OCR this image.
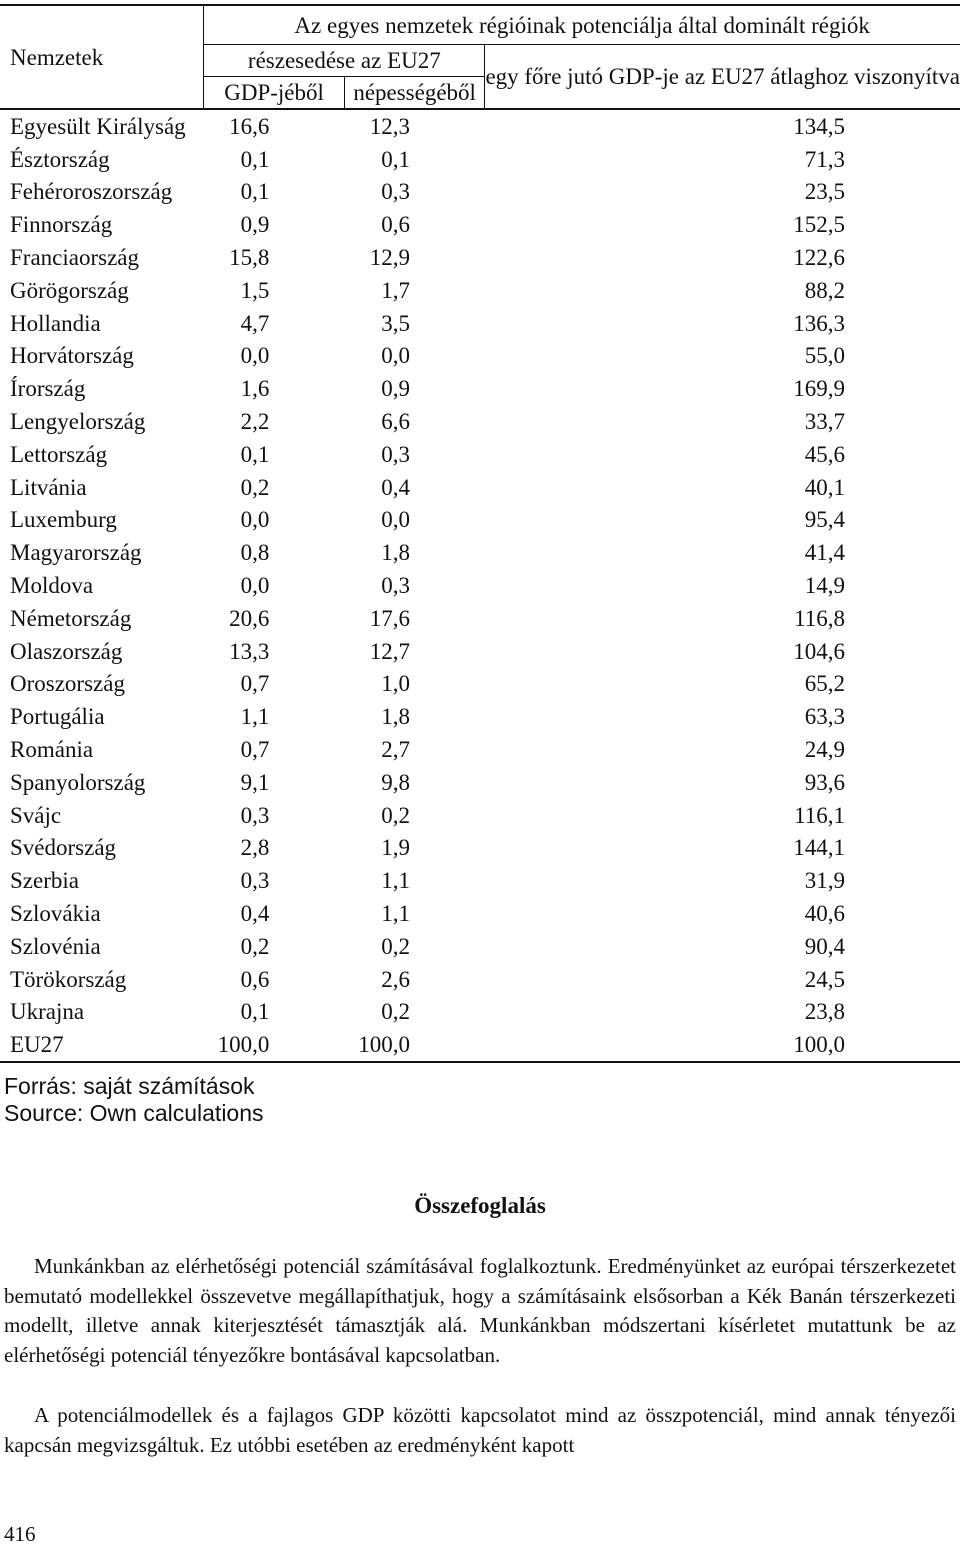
Nemzetek	Az egyes nemzetek régióinak potenciálja által dominált régiók		
	részesedése az EU27		egy főre jutó GDP-je az EU27 átlaghoz viszonyítva
	GDP-jéből	népességéből	
Egyesült Királyság	16,6	12,3	134,5
Észtország	0,1	0,1	71,3
Fehéroroszország	0,1	0,3	23,5
Finnország	0,9	0,6	152,5
Franciaország	15,8	12,9	122,6
Görögország	1,5	1,7	88,2
Hollandia	4,7	3,5	136,3
Horvátország	0,0	0,0	55,0
Írország	1,6	0,9	169,9
Lengyelország	2,2	6,6	33,7
Lettország	0,1	0,3	45,6
Litvánia	0,2	0,4	40,1
Luxemburg	0,0	0,0	95,4
Magyarország	0,8	1,8	41,4
Moldova	0,0	0,3	14,9
Németország	20,6	17,6	116,8
Olaszország	13,3	12,7	104,6
Oroszország	0,7	1,0	65,2
Portugália	1,1	1,8	63,3
Románia	0,7	2,7	24,9
Spanyolország	9,1	9,8	93,6
Svájc	0,3	0,2	116,1
Svédország	2,8	1,9	144,1
Szerbia	0,3	1,1	31,9
Szlovákia	0,4	1,1	40,6
Szlovénia	0,2	0,2	90,4
Törökország	0,6	2,6	24,5
Ukrajna	0,1	0,2	23,8
EU27	100,0	100,0	100,0
Forrás: saját számítások
Source: Own calculations
Összefoglalás
Munkánkban az elérhetőségi potenciál számításával foglalkoztunk. Eredményünket az európai térszerkezetet bemutató modellekkel összevetve megállapíthatjuk, hogy a számításaink elsősorban a Kék Banán térszerkezeti modellt, illetve annak kiterjesztését támasztják alá. Munkánkban módszertani kísérletet mutattunk be az elérhetőségi potenciál tényezőkre bontásával kapcsolatban.
A potenciálmodellek és a fajlagos GDP közötti kapcsolatot mind az összpotenciál, mind annak tényezői kapcsán megvizsgáltuk. Ez utóbbi esetében az eredményként kapott
416
